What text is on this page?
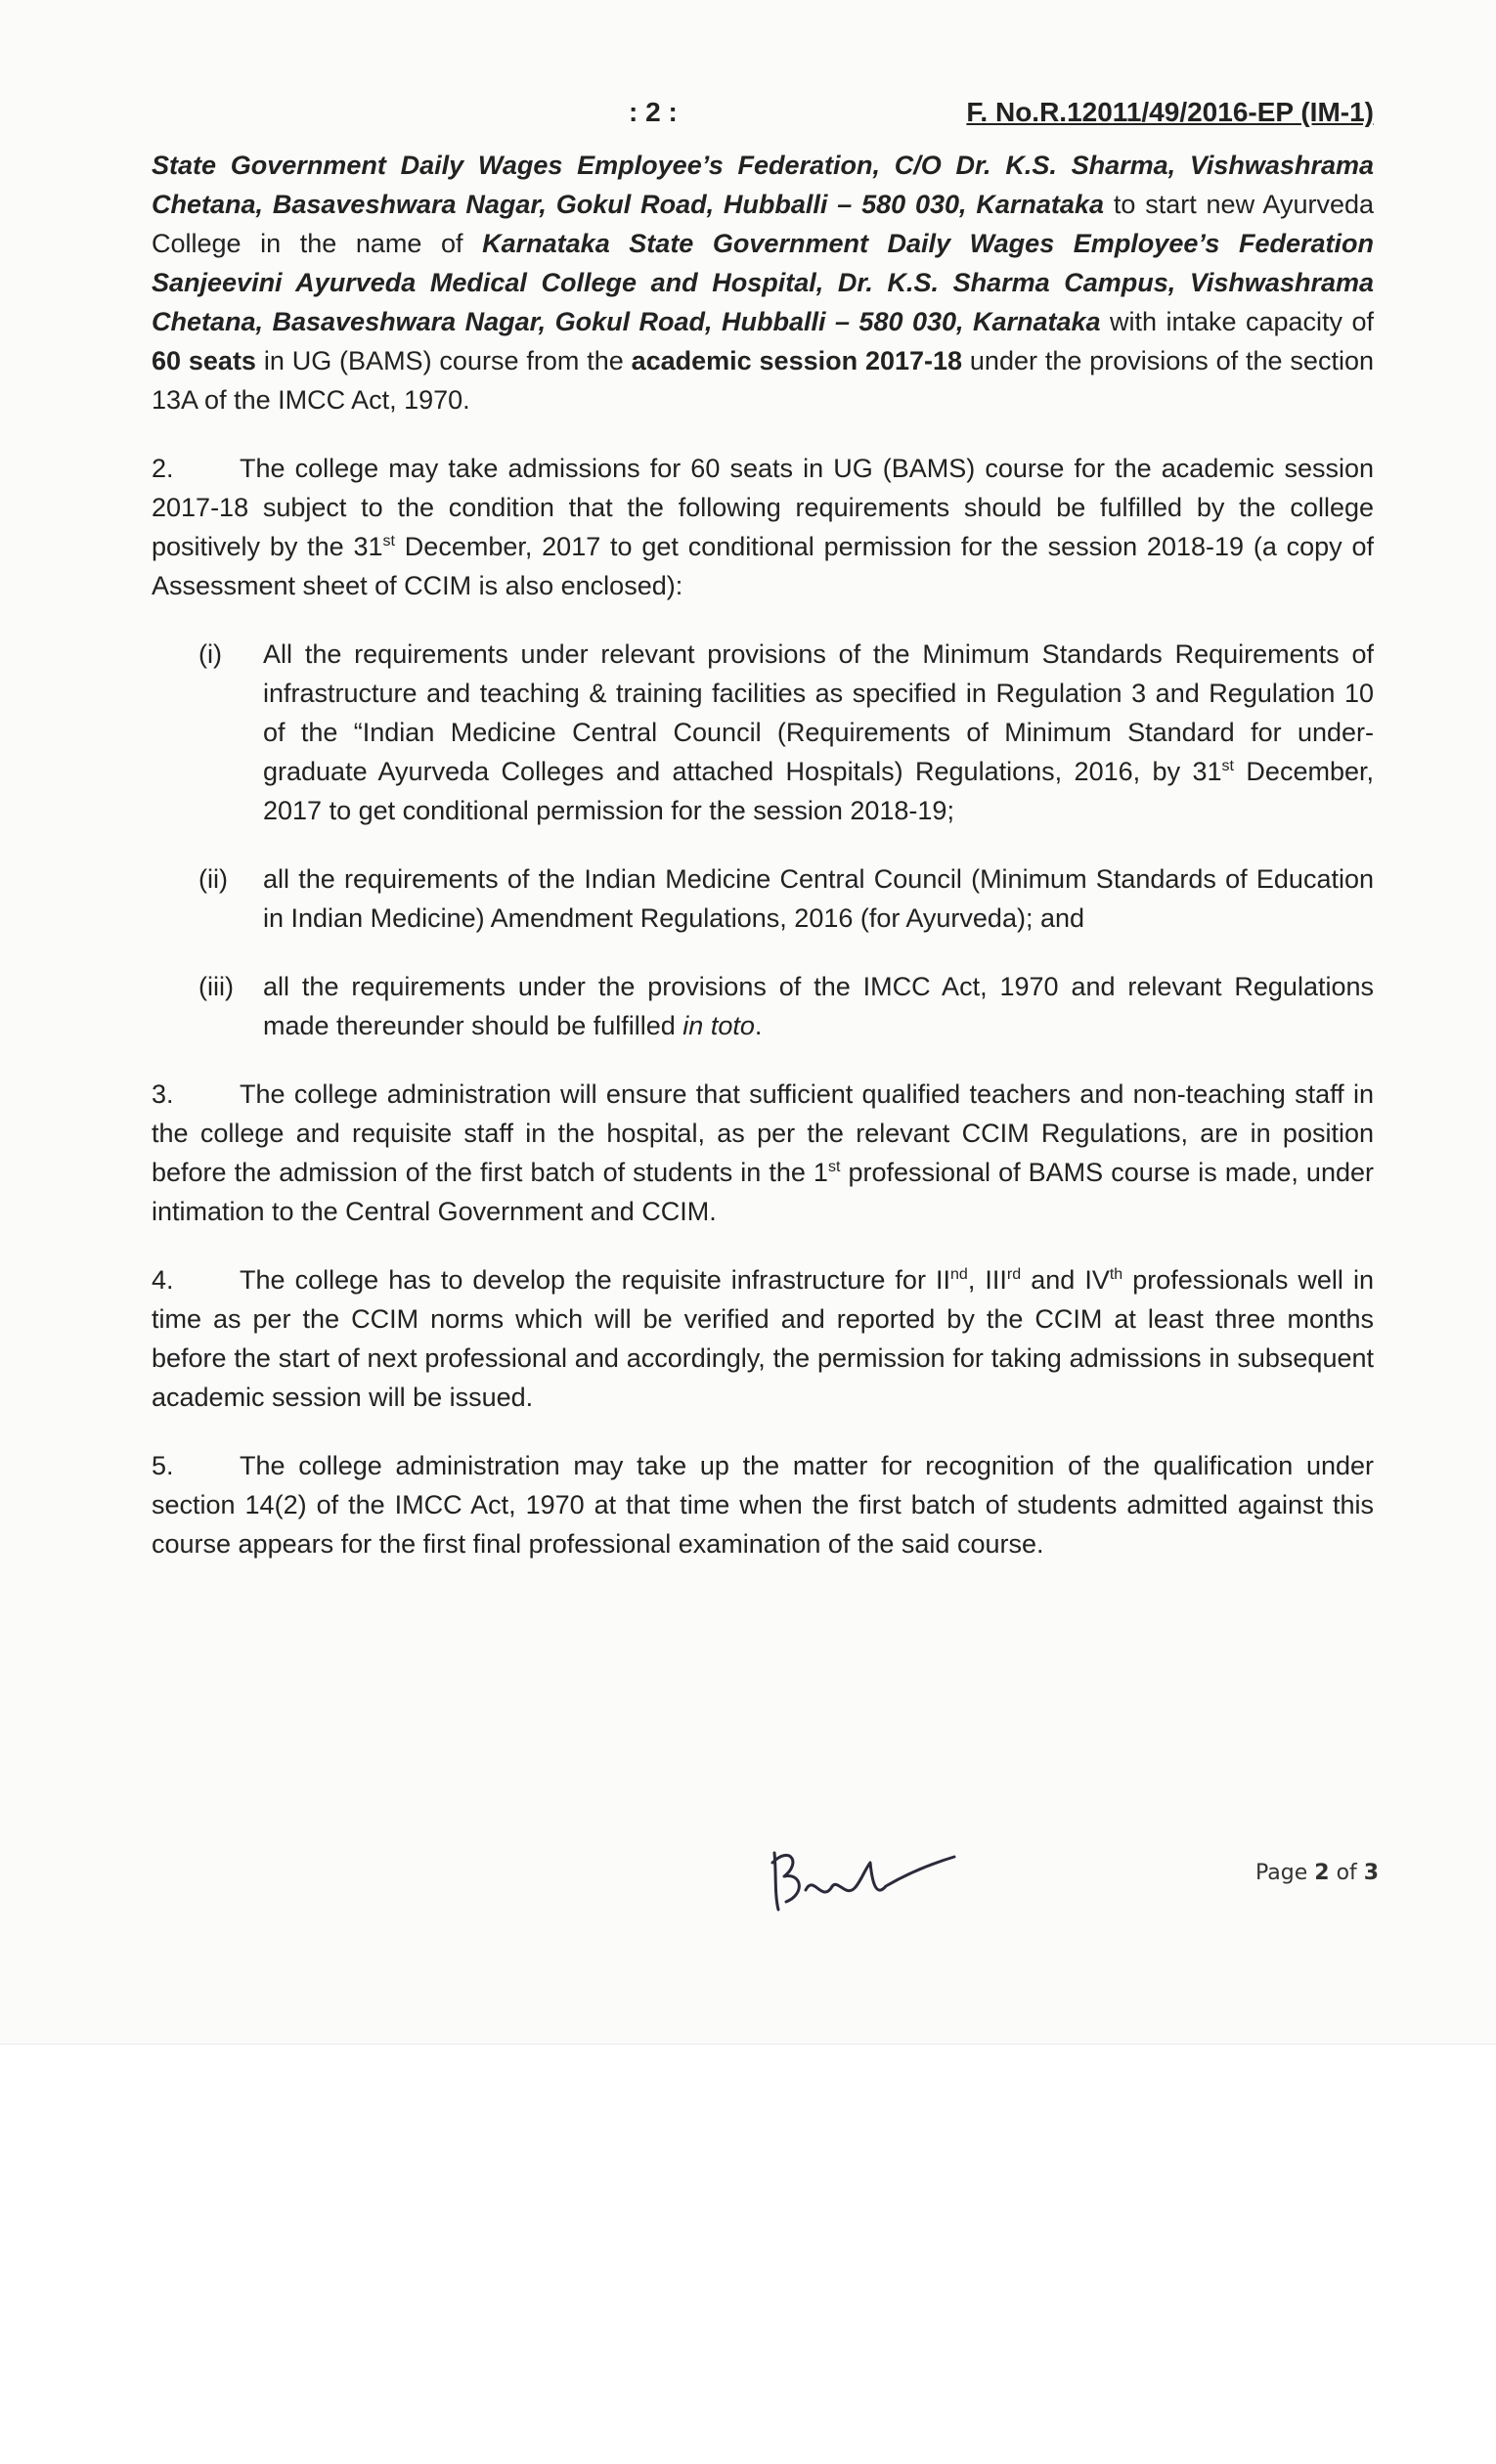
: 2 :	F. No.R.12011/49/2016-EP (IM-1)

State Government Daily Wages Employee’s Federation, C/O Dr. K.S. Sharma, Vishwashrama Chetana, Basaveshwara Nagar, Gokul Road, Hubballi – 580 030, Karnataka to start new Ayurveda College in the name of Karnataka State Government Daily Wages Employee’s Federation Sanjeevini Ayurveda Medical College and Hospital, Dr. K.S. Sharma Campus, Vishwashrama Chetana, Basaveshwara Nagar, Gokul Road, Hubballi – 580 030, Karnataka with intake capacity of 60 seats in UG (BAMS) course from the academic session 2017-18 under the provisions of the section 13A of the IMCC Act, 1970.

2. The college may take admissions for 60 seats in UG (BAMS) course for the academic session 2017-18 subject to the condition that the following requirements should be fulfilled by the college positively by the 31st December, 2017 to get conditional permission for the session 2018-19 (a copy of Assessment sheet of CCIM is also enclosed):

(i)	All the requirements under relevant provisions of the Minimum Standards Requirements of infrastructure and teaching & training facilities as specified in Regulation 3 and Regulation 10 of the “Indian Medicine Central Council (Requirements of Minimum Standard for under-graduate Ayurveda Colleges and attached Hospitals) Regulations, 2016, by 31st December, 2017 to get conditional permission for the session 2018-19;
(ii)	all the requirements of the Indian Medicine Central Council (Minimum Standards of Education in Indian Medicine) Amendment Regulations, 2016 (for Ayurveda); and
(iii)	all the requirements under the provisions of the IMCC Act, 1970 and relevant Regulations made thereunder should be fulfilled in toto.

3. The college administration will ensure that sufficient qualified teachers and non-teaching staff in the college and requisite staff in the hospital, as per the relevant CCIM Regulations, are in position before the admission of the first batch of students in the 1st professional of BAMS course is made, under intimation to the Central Government and CCIM.

4. The college has to develop the requisite infrastructure for IInd, IIIrd and IVth professionals well in time as per the CCIM norms which will be verified and reported by the CCIM at least three months before the start of next professional and accordingly, the permission for taking admissions in subsequent academic session will be issued.

5. The college administration may take up the matter for recognition of the qualification under section 14(2) of the IMCC Act, 1970 at that time when the first batch of students admitted against this course appears for the first final professional examination of the said course.

Page 2 of 3
